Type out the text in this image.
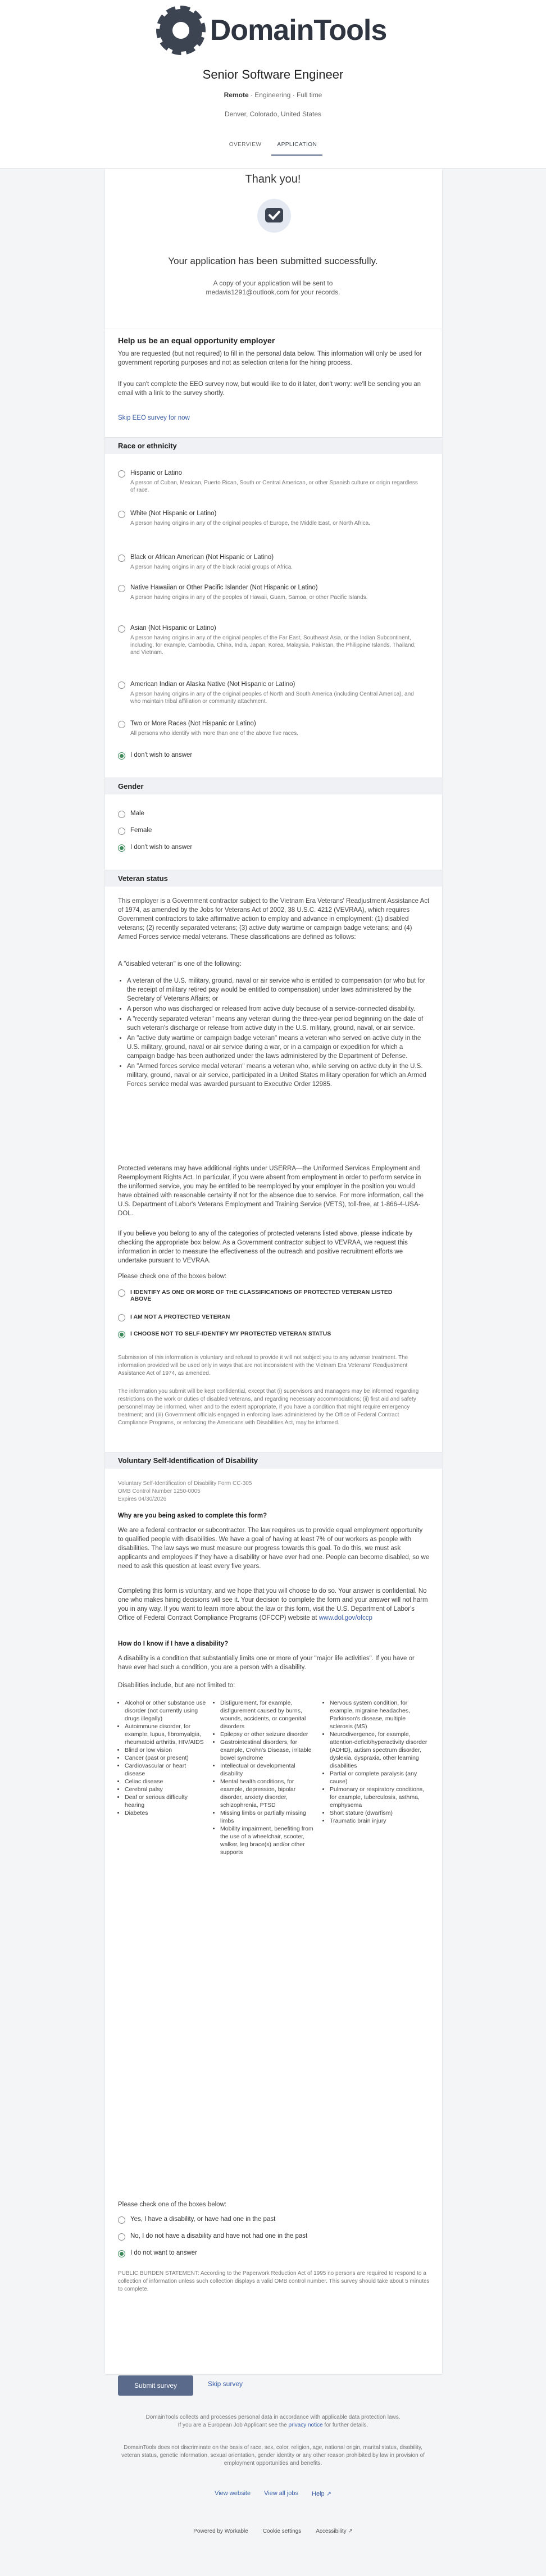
DomainTools
Senior Software Engineer
Remote · Engineering · Full time
Denver, Colorado, United States
OVERVIEW	APPLICATION
Thank you!
Your application has been submitted successfully.
A copy of your application will be sent to medavis1291@outlook.com for your records.
Help us be an equal opportunity employer
You are requested (but not required) to fill in the personal data below. This information will only be used for government reporting purposes and not as selection criteria for the hiring process.
If you can't complete the EEO survey now, but would like to do it later, don't worry: we'll be sending you an email with a link to the survey shortly.
Skip EEO survey for now
Race or ethnicity
Hispanic or Latino
A person of Cuban, Mexican, Puerto Rican, South or Central American, or other Spanish culture or origin regardless of race.
White (Not Hispanic or Latino)
A person having origins in any of the original peoples of Europe, the Middle East, or North Africa.
Black or African American (Not Hispanic or Latino)
A person having origins in any of the black racial groups of Africa.
Native Hawaiian or Other Pacific Islander (Not Hispanic or Latino)
A person having origins in any of the peoples of Hawaii, Guam, Samoa, or other Pacific Islands.
Asian (Not Hispanic or Latino)
A person having origins in any of the original peoples of the Far East, Southeast Asia, or the Indian Subcontinent, including, for example, Cambodia, China, India, Japan, Korea, Malaysia, Pakistan, the Philippine Islands, Thailand, and Vietnam.
American Indian or Alaska Native (Not Hispanic or Latino)
A person having origins in any of the original peoples of North and South America (including Central America), and who maintain tribal affiliation or community attachment.
Two or More Races (Not Hispanic or Latino)
All persons who identify with more than one of the above five races.
I don't wish to answer
Gender
Male
Female
I don't wish to answer
Veteran status
This employer is a Government contractor subject to the Vietnam Era Veterans' Readjustment Assistance Act of 1974, as amended by the Jobs for Veterans Act of 2002, 38 U.S.C. 4212 (VEVRAA), which requires Government contractors to take affirmative action to employ and advance in employment: (1) disabled veterans; (2) recently separated veterans; (3) active duty wartime or campaign badge veterans; and (4) Armed Forces service medal veterans. These classifications are defined as follows:
A "disabled veteran" is one of the following:
• A veteran of the U.S. military, ground, naval or air service who is entitled to compensation (or who but for the receipt of military retired pay would be entitled to compensation) under laws administered by the Secretary of Veterans Affairs; or
• A person who was discharged or released from active duty because of a service-connected disability.
• A "recently separated veteran" means any veteran during the three-year period beginning on the date of such veteran's discharge or release from active duty in the U.S. military, ground, naval, or air service.
• An "active duty wartime or campaign badge veteran" means a veteran who served on active duty in the U.S. military, ground, naval or air service during a war, or in a campaign or expedition for which a campaign badge has been authorized under the laws administered by the Department of Defense.
• An "Armed forces service medal veteran" means a veteran who, while serving on active duty in the U.S. military, ground, naval or air service, participated in a United States military operation for which an Armed Forces service medal was awarded pursuant to Executive Order 12985.
Protected veterans may have additional rights under USERRA—the Uniformed Services Employment and Reemployment Rights Act. In particular, if you were absent from employment in order to perform service in the uniformed service, you may be entitled to be reemployed by your employer in the position you would have obtained with reasonable certainty if not for the absence due to service. For more information, call the U.S. Department of Labor's Veterans Employment and Training Service (VETS), toll-free, at 1-866-4-USA-DOL.
If you believe you belong to any of the categories of protected veterans listed above, please indicate by checking the appropriate box below. As a Government contractor subject to VEVRAA, we request this information in order to measure the effectiveness of the outreach and positive recruitment efforts we undertake pursuant to VEVRAA.
Please check one of the boxes below:
I IDENTIFY AS ONE OR MORE OF THE CLASSIFICATIONS OF PROTECTED VETERAN LISTED ABOVE
I AM NOT A PROTECTED VETERAN
I CHOOSE NOT TO SELF-IDENTIFY MY PROTECTED VETERAN STATUS
Submission of this information is voluntary and refusal to provide it will not subject you to any adverse treatment. The information provided will be used only in ways that are not inconsistent with the Vietnam Era Veterans' Readjustment Assistance Act of 1974, as amended.
The information you submit will be kept confidential, except that (i) supervisors and managers may be informed regarding restrictions on the work or duties of disabled veterans, and regarding necessary accommodations; (ii) first aid and safety personnel may be informed, when and to the extent appropriate, if you have a condition that might require emergency treatment; and (iii) Government officials engaged in enforcing laws administered by the Office of Federal Contract Compliance Programs, or enforcing the Americans with Disabilities Act, may be informed.
Voluntary Self-Identification of Disability
Voluntary Self-Identification of Disability Form CC-305
OMB Control Number 1250-0005
Expires 04/30/2026
Why are you being asked to complete this form?
We are a federal contractor or subcontractor. The law requires us to provide equal employment opportunity to qualified people with disabilities. We have a goal of having at least 7% of our workers as people with disabilities. The law says we must measure our progress towards this goal. To do this, we must ask applicants and employees if they have a disability or have ever had one. People can become disabled, so we need to ask this question at least every five years.
Completing this form is voluntary, and we hope that you will choose to do so. Your answer is confidential. No one who makes hiring decisions will see it. Your decision to complete the form and your answer will not harm you in any way. If you want to learn more about the law or this form, visit the U.S. Department of Labor's Office of Federal Contract Compliance Programs (OFCCP) website at www.dol.gov/ofccp
How do I know if I have a disability?
A disability is a condition that substantially limits one or more of your "major life activities". If you have or have ever had such a condition, you are a person with a disability.
Disabilities include, but are not limited to:
• Alcohol or other substance use disorder (not currently using drugs illegally)
• Autoimmune disorder, for example, lupus, fibromyalgia, rheumatoid arthritis, HIV/AIDS
• Blind or low vision
• Cancer (past or present)
• Cardiovascular or heart disease
• Celiac disease
• Cerebral palsy
• Deaf or serious difficulty hearing
• Diabetes
• Disfigurement, for example, disfigurement caused by burns, wounds, accidents, or congenital disorders
• Epilepsy or other seizure disorder
• Gastrointestinal disorders, for example, Crohn's Disease, irritable bowel syndrome
• Intellectual or developmental disability
• Mental health conditions, for example, depression, bipolar disorder, anxiety disorder, schizophrenia, PTSD
• Missing limbs or partially missing limbs
• Mobility impairment, benefiting from the use of a wheelchair, scooter, walker, leg brace(s) and/or other supports
• Nervous system condition, for example, migraine headaches, Parkinson's disease, multiple sclerosis (MS)
• Neurodivergence, for example, attention-deficit/hyperactivity disorder (ADHD), autism spectrum disorder, dyslexia, dyspraxia, other learning disabilities
• Partial or complete paralysis (any cause)
• Pulmonary or respiratory conditions, for example, tuberculosis, asthma, emphysema
• Short stature (dwarfism)
• Traumatic brain injury
Please check one of the boxes below:
Yes, I have a disability, or have had one in the past
No, I do not have a disability and have not had one in the past
I do not want to answer
PUBLIC BURDEN STATEMENT: According to the Paperwork Reduction Act of 1995 no persons are required to respond to a collection of information unless such collection displays a valid OMB control number. This survey should take about 5 minutes to complete.
Submit survey	Skip survey
DomainTools collects and processes personal data in accordance with applicable data protection laws.
If you are a European Job Applicant see the privacy notice for further details.
DomainTools does not discriminate on the basis of race, sex, color, religion, age, national origin, marital status, disability, veteran status, genetic information, sexual orientation, gender identity or any other reason prohibited by law in provision of employment opportunities and benefits.
View website View all jobs Help ↗
Powered by Workable	Cookie settings	Accessibility ↗
